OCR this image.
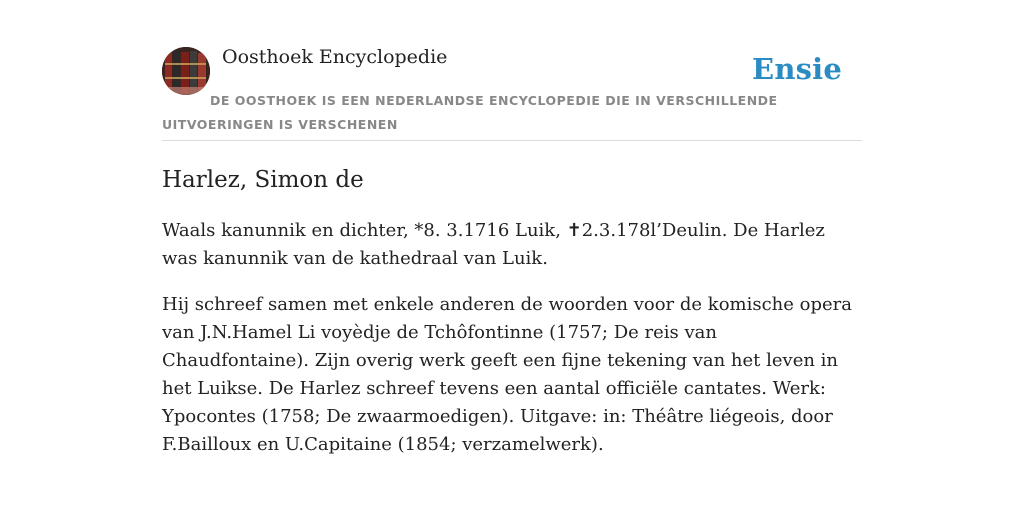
Oosthoek Encyclopedie	Ensie
DE OOSTHOEK IS EEN NEDERLANDSE ENCYCLOPEDIE DIE IN VERSCHILLENDE UITVOERINGEN IS VERSCHENEN
Harlez, Simon de

Waals kanunnik en dichter, *8. 3.1716 Luik, ✝2.3.178l’Deulin. De Harlez was kanunnik van de kathedraal van Luik.

Hij schreef samen met enkele anderen de woorden voor de komische opera van J.N.Hamel Li voyèdje de Tchôfontinne (1757; De reis van Chaudfontaine). Zijn overig werk geeft een fijne tekening van het leven in het Luikse. De Harlez schreef tevens een aantal officiële cantates. Werk: Ypocontes (1758; De zwaarmoedigen). Uitgave: in: Théâtre liégeois, door F.Bailloux en U.Capitaine (1854; verzamelwerk).
